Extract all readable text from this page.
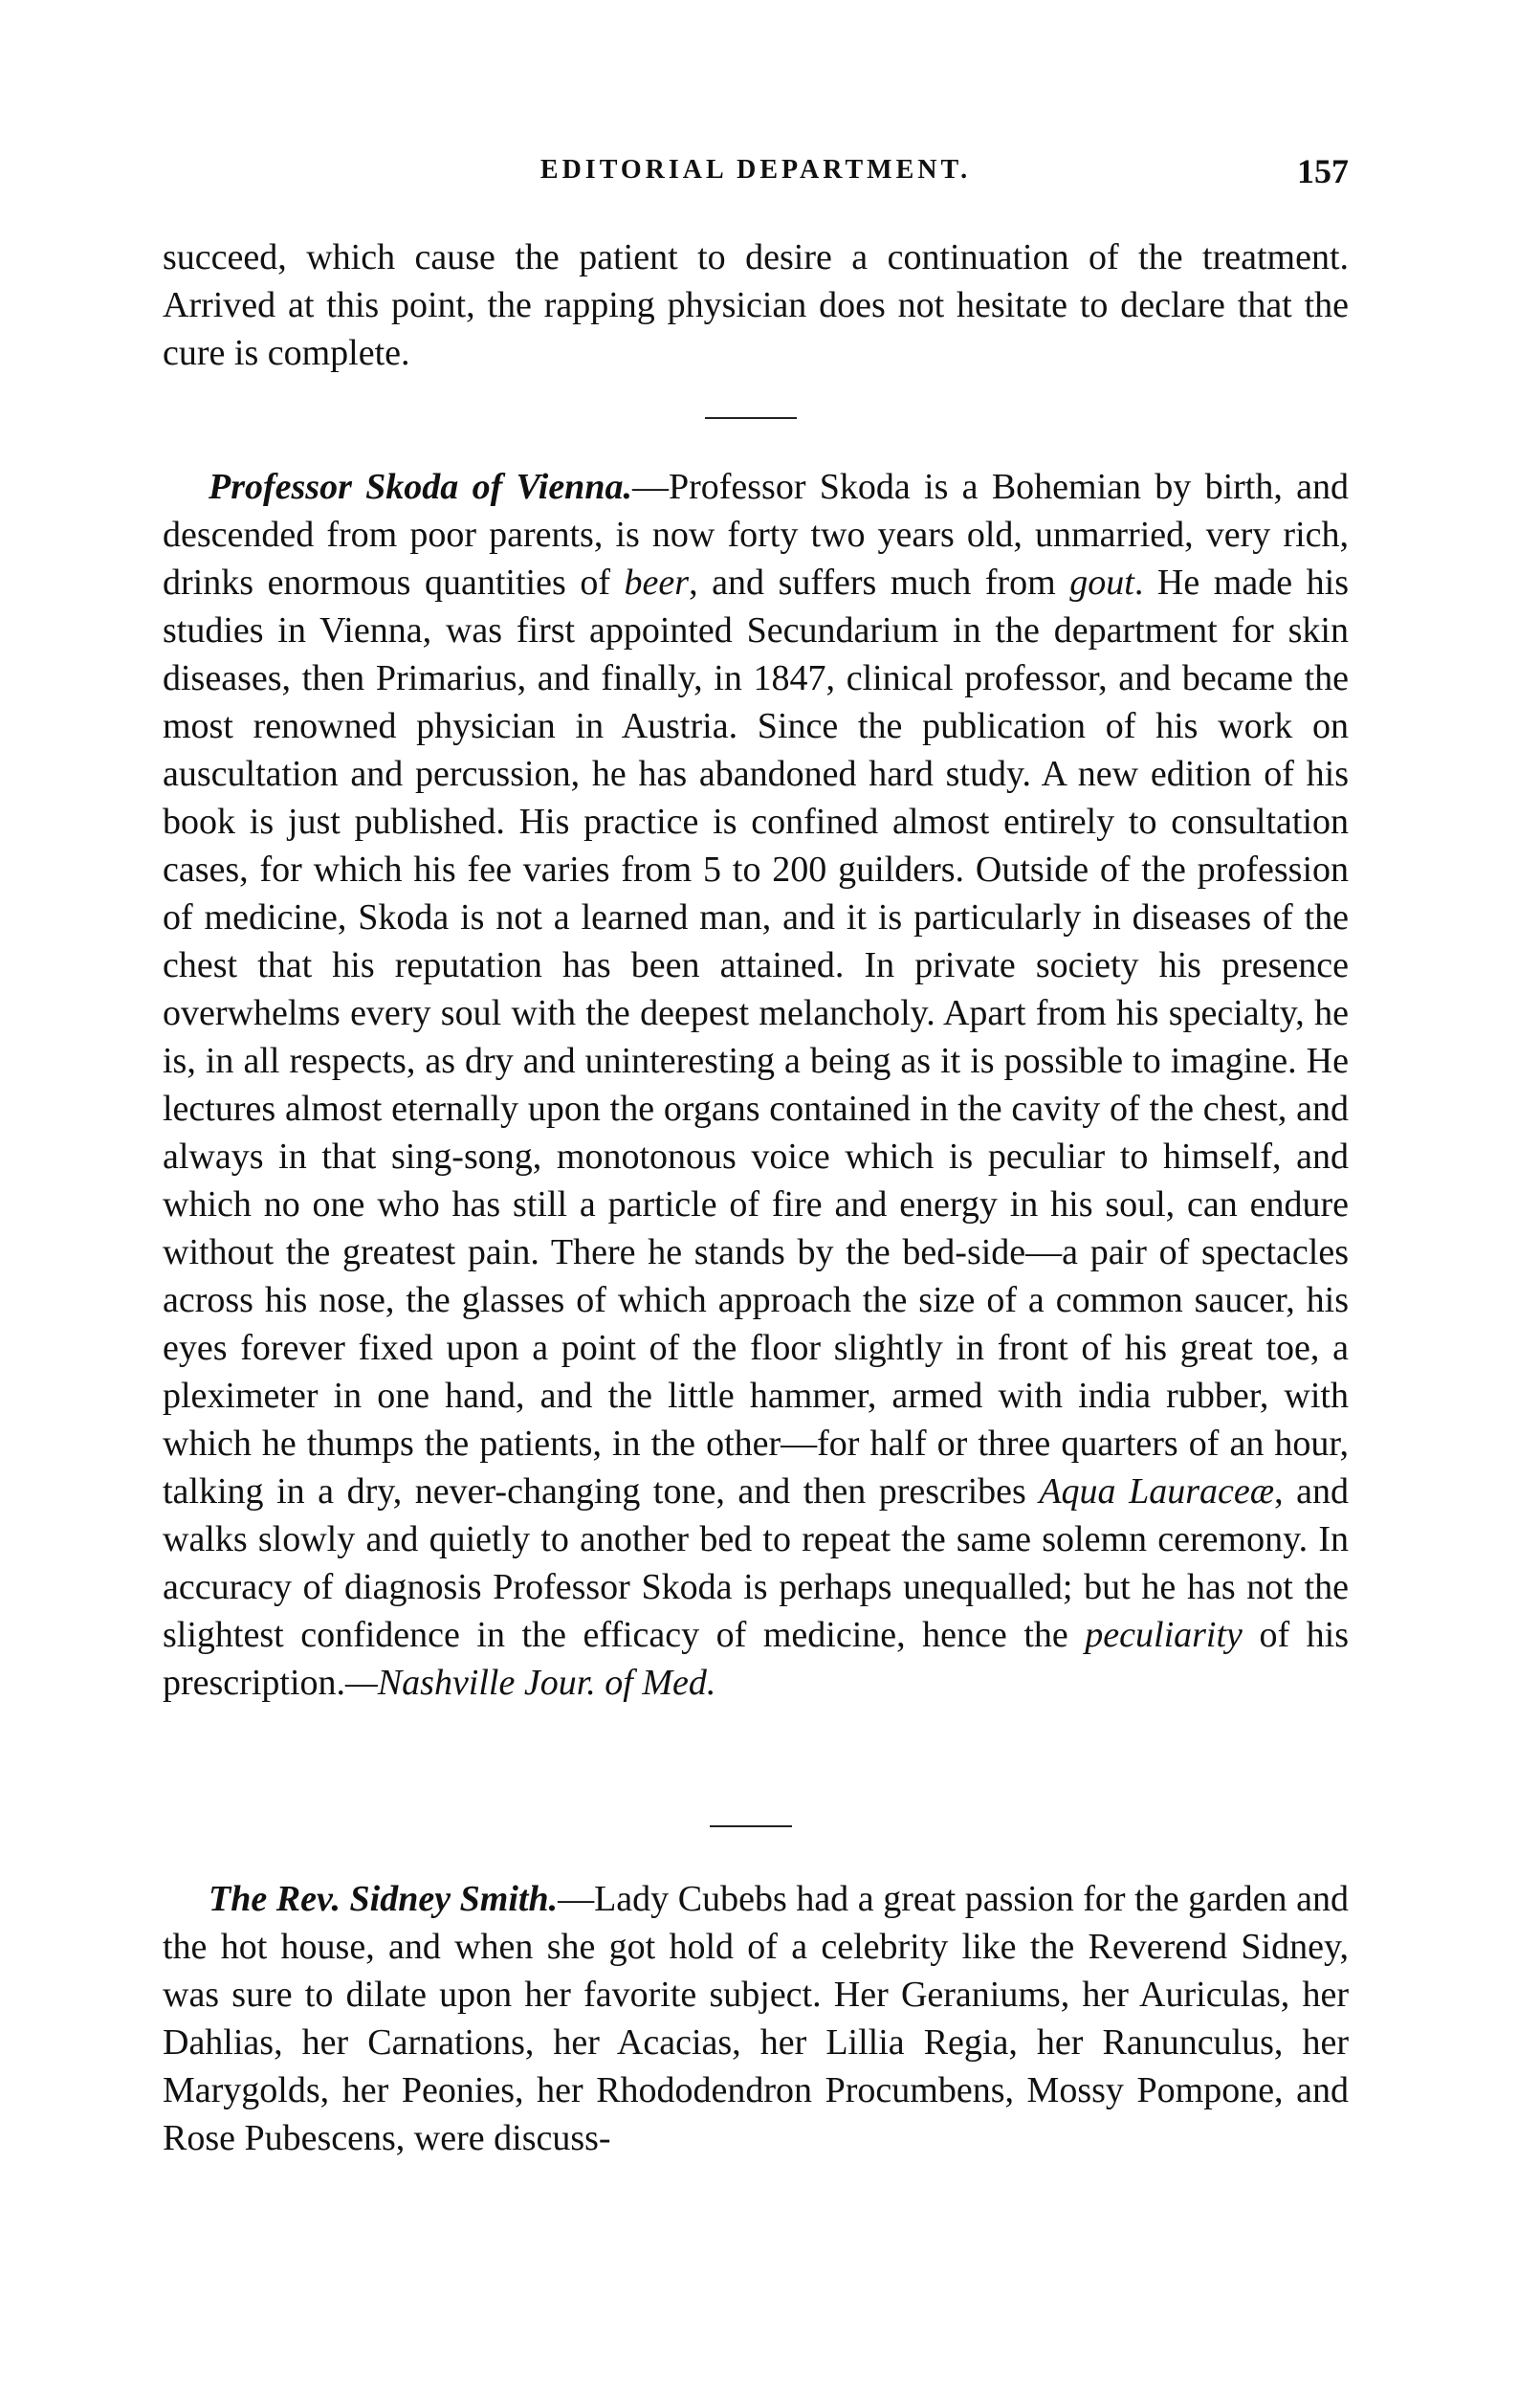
EDITORIAL DEPARTMENT.	157

succeed, which cause the patient to desire a continuation of the treatment. Arrived at this point, the rapping physician does not hesitate to declare that the cure is complete.

Professor Skoda of Vienna.—Professor Skoda is a Bohemian by birth, and descended from poor parents, is now forty two years old, unmarried, very rich, drinks enormous quantities of beer, and suffers much from gout. He made his studies in Vienna, was first appointed Secundarium in the department for skin diseases, then Primarius, and finally, in 1847, clinical professor, and became the most renowned physician in Austria. Since the publication of his work on auscultation and percussion, he has abandoned hard study. A new edition of his book is just published. His practice is confined almost entirely to consultation cases, for which his fee varies from 5 to 200 guilders. Outside of the profession of medicine, Skoda is not a learned man, and it is particularly in diseases of the chest that his reputation has been attained. In private society his presence overwhelms every soul with the deepest melancholy. Apart from his specialty, he is, in all respects, as dry and uninteresting a being as it is possible to imagine. He lectures almost eternally upon the organs contained in the cavity of the chest, and always in that sing-song, monotonous voice which is peculiar to himself, and which no one who has still a particle of fire and energy in his soul, can endure without the greatest pain. There he stands by the bed-side—a pair of spectacles across his nose, the glasses of which approach the size of a common saucer, his eyes forever fixed upon a point of the floor slightly in front of his great toe, a pleximeter in one hand, and the little hammer, armed with india rubber, with which he thumps the patients, in the other—for half or three quarters of an hour, talking in a dry, never-changing tone, and then prescribes Aqua Lauraceæ, and walks slowly and quietly to another bed to repeat the same solemn ceremony. In accuracy of diagnosis Professor Skoda is perhaps unequalled; but he has not the slightest confidence in the efficacy of medicine, hence the peculiarity of his prescription.—Nashville Jour. of Med.

The Rev. Sidney Smith.—Lady Cubebs had a great passion for the garden and the hot house, and when she got hold of a celebrity like the Reverend Sidney, was sure to dilate upon her favorite subject. Her Geraniums, her Auriculas, her Dahlias, her Carnations, her Acacias, her Lillia Regia, her Ranunculus, her Marygolds, her Peonies, her Rhododendron Procumbens, Mossy Pompone, and Rose Pubescens, were discuss-
